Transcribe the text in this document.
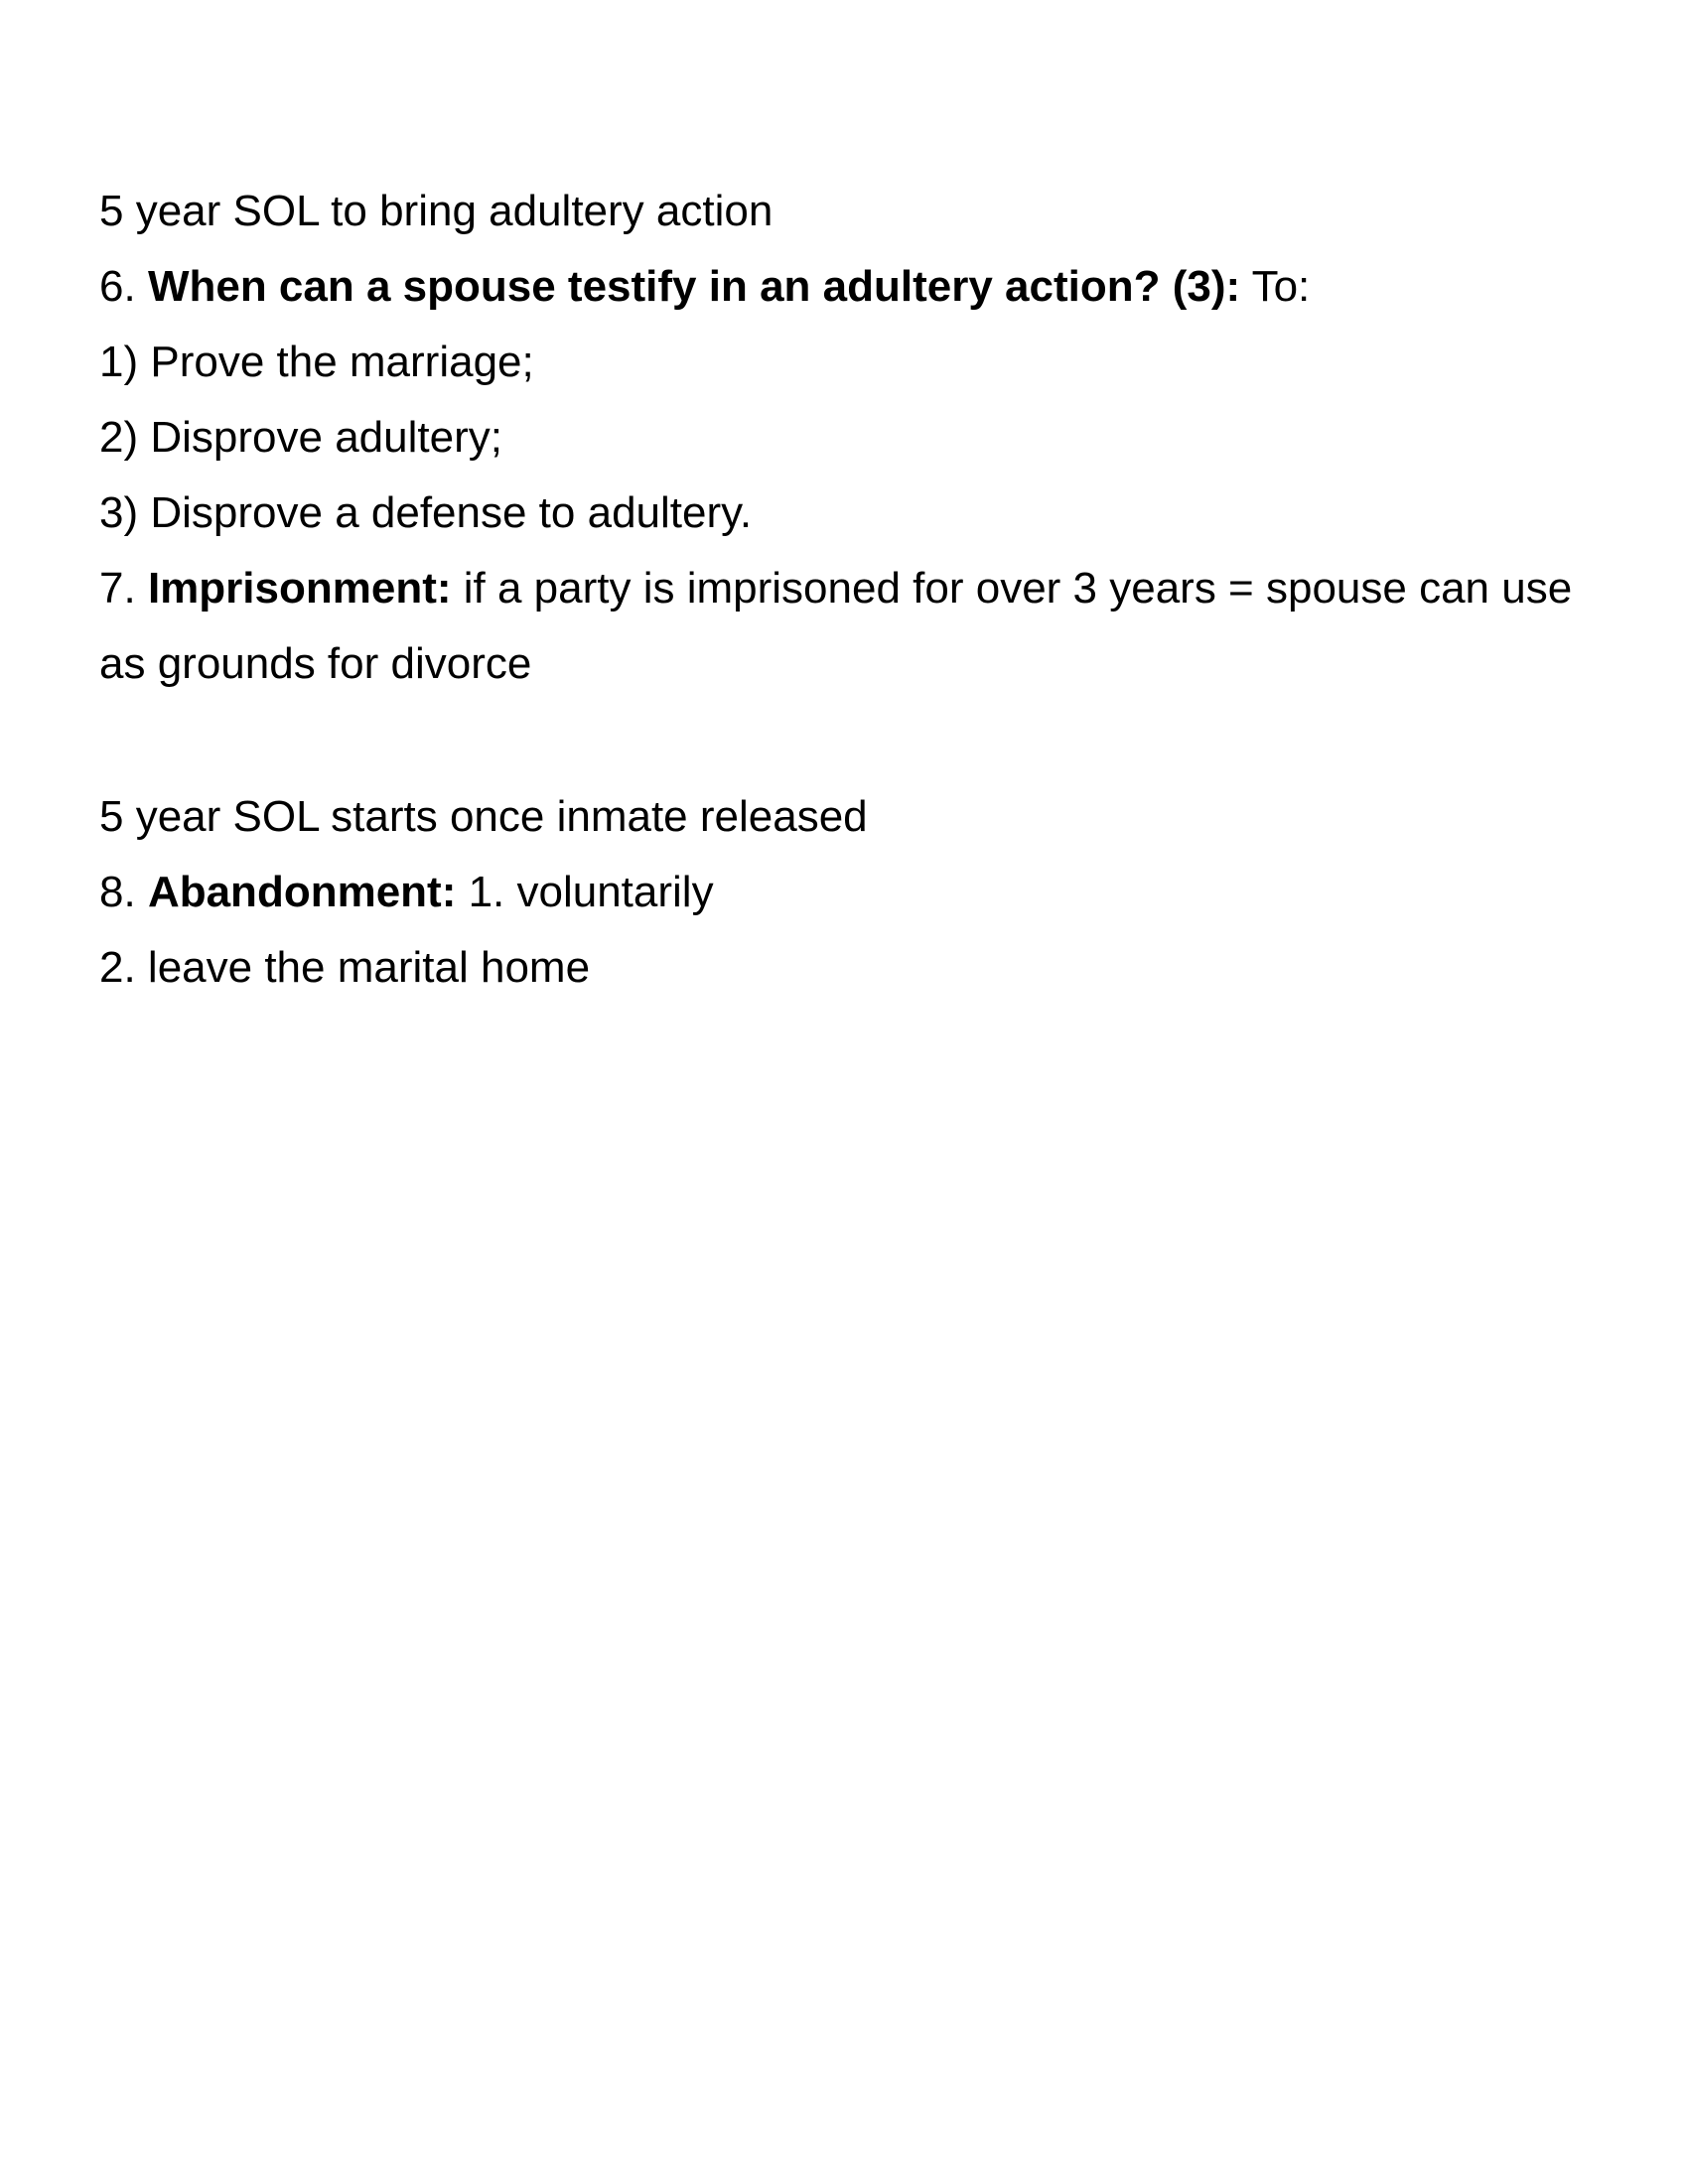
5 year SOL to bring adultery action

6. When can a spouse testify in an adultery action? (3): To:

1) Prove the marriage;

2) Disprove adultery;

3) Disprove a defense to adultery.

7. Imprisonment: if a party is imprisoned for over 3 years = spouse can use as grounds for divorce

5 year SOL starts once inmate released

8. Abandonment: 1. voluntarily

2. leave the marital home
